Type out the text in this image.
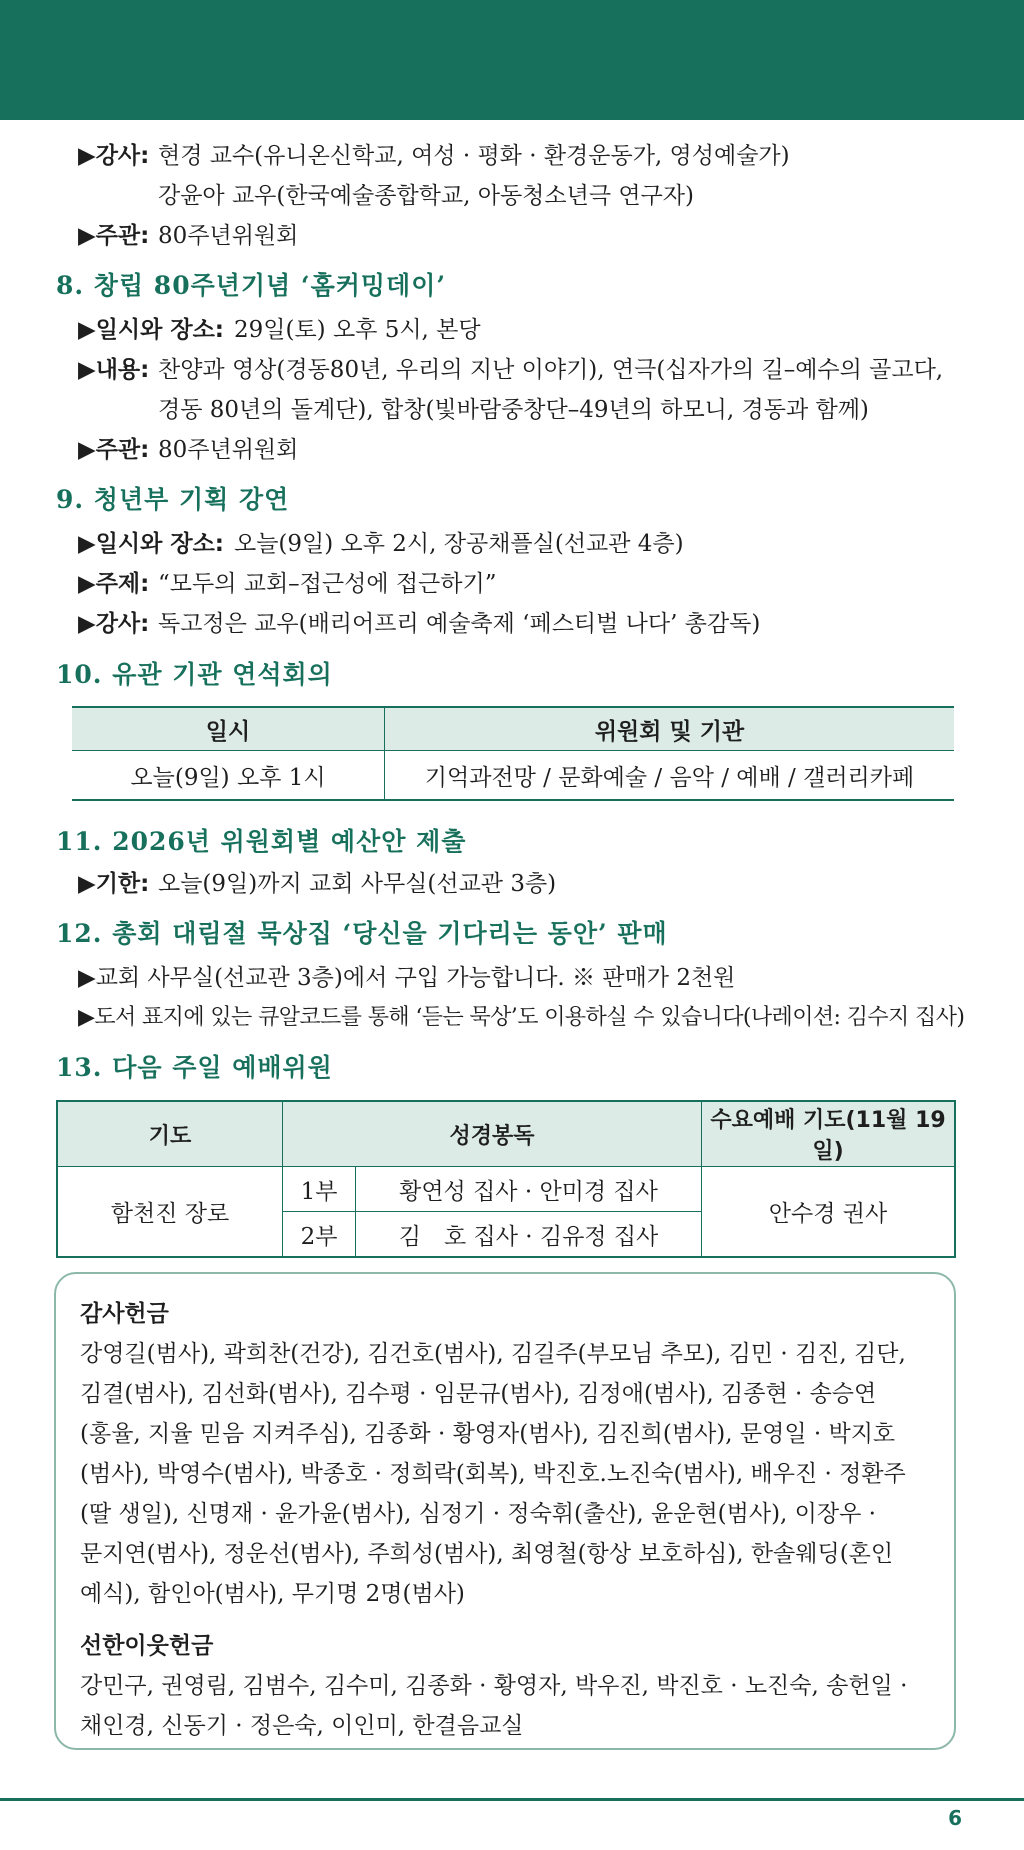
▶강사: 현경 교수(유니온신학교, 여성 · 평화 · 환경운동가, 영성예술가)
강윤아 교우(한국예술종합학교, 아동청소년극 연구자)
▶주관: 80주년위원회
8. 창립 80주년기념 ‘홈커밍데이’
▶일시와 장소: 29일(토) 오후 5시, 본당
▶내용: 찬양과 영상(경동80년, 우리의 지난 이야기), 연극(십자가의 길–예수의 골고다,
경동 80년의 돌계단), 합창(빛바람중창단–49년의 하모니, 경동과 함께)
▶주관: 80주년위원회
9. 청년부 기획 강연
▶일시와 장소: 오늘(9일) 오후 2시, 장공채플실(선교관 4층)
▶주제: “모두의 교회–접근성에 접근하기”
▶강사: 독고정은 교우(배리어프리 예술축제 ‘페스티벌 나다’ 총감독)
10. 유관 기관 연석회의
일시	위원회 및 기관
오늘(9일) 오후 1시	기억과전망 / 문화예술 / 음악 / 예배 / 갤러리카페
11. 2026년 위원회별 예산안 제출
▶기한: 오늘(9일)까지 교회 사무실(선교관 3층)
12. 총회 대림절 묵상집 ‘당신을 기다리는 동안’ 판매
▶교회 사무실(선교관 3층)에서 구입 가능합니다. ※ 판매가 2천원
▶도서 표지에 있는 큐알코드를 통해 ‘듣는 묵상’도 이용하실 수 있습니다(나레이션: 김수지 집사)
13. 다음 주일 예배위원
기도	성경봉독		수요예배 기도(11월 19일)
함천진 장로	1부	황연성 집사 · 안미경 집사	안수경 권사
	2부	김　호 집사 · 김유정 집사	
감사헌금
강영길(범사), 곽희찬(건강), 김건호(범사), 김길주(부모님 추모), 김민 · 김진, 김단,
김결(범사), 김선화(범사), 김수평 · 임문규(범사), 김정애(범사), 김종현 · 송승연
(홍율, 지율 믿음 지켜주심), 김종화 · 황영자(범사), 김진희(범사), 문영일 · 박지호
(범사), 박영수(범사), 박종호 · 정희락(회복), 박진호.노진숙(범사), 배우진 · 정환주
(딸 생일), 신명재 · 윤가윤(범사), 심정기 · 정숙휘(출산), 윤운현(범사), 이장우 ·
문지연(범사), 정운선(범사), 주희성(범사), 최영철(항상 보호하심), 한솔웨딩(혼인
예식), 함인아(범사), 무기명 2명(범사)
선한이웃헌금
강민구, 권영림, 김범수, 김수미, 김종화 · 황영자, 박우진, 박진호 · 노진숙, 송헌일 ·
채인경, 신동기 · 정은숙, 이인미, 한결음교실
6
